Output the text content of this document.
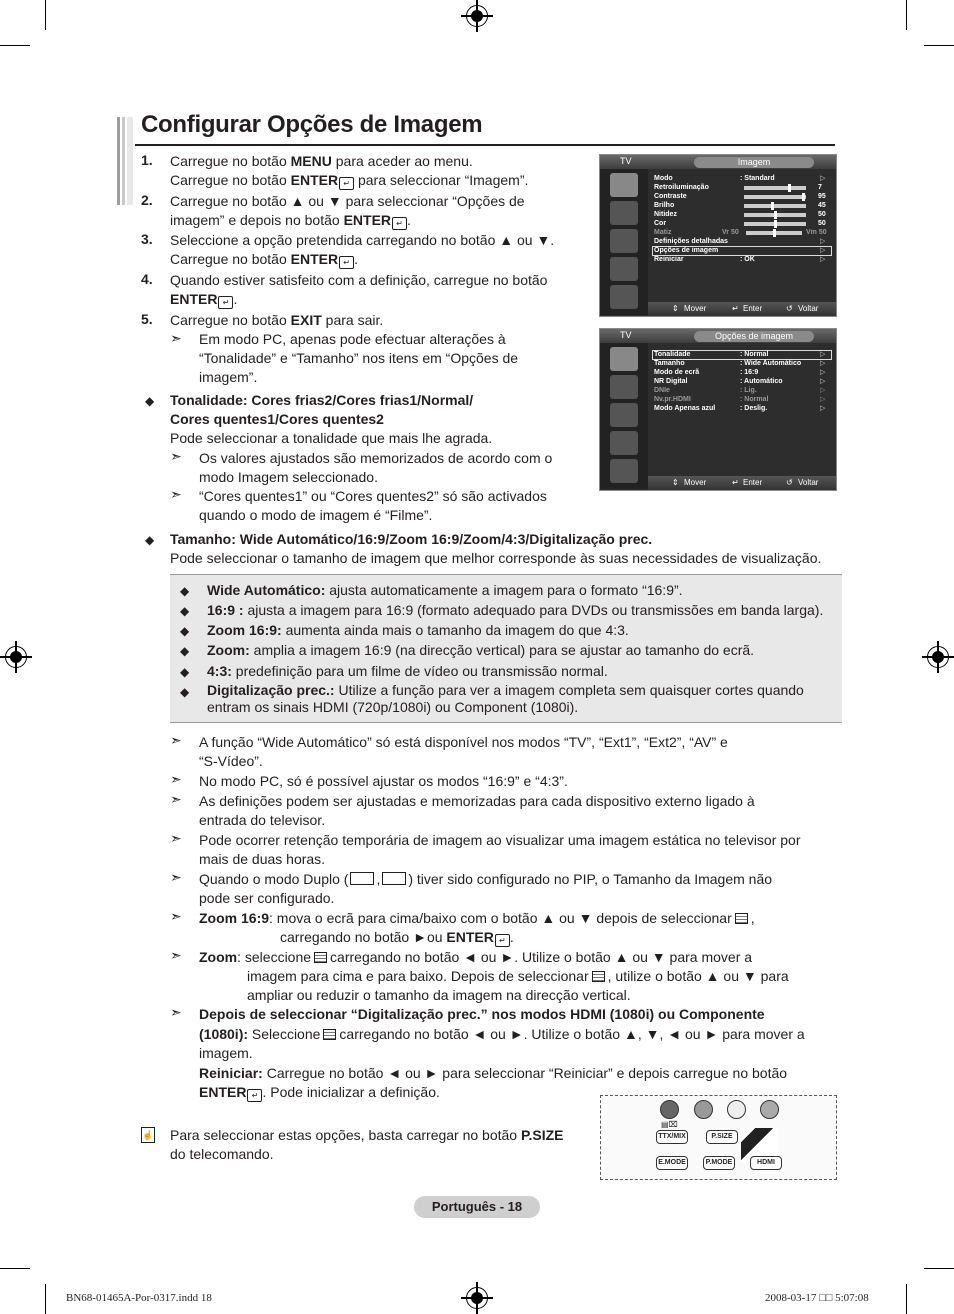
Configurar Opções de Imagem
1. Carregue no botão MENU para aceder ao menu.
Carregue no botão ENTER ↵ para seleccionar “Imagem”.
2. Carregue no botão ▲ ou ▼ para seleccionar “Opções de
imagem” e depois no botão ENTER ↵ .
3. Seleccione a opção pretendida carregando no botão ▲ ou ▼.
Carregue no botão ENTER ↵ .
4. Quando estiver satisfeito com a definição, carregue no botão
ENTER ↵ .
5. Carregue no botão EXIT para sair.
➣ Em modo PC, apenas pode efectuar alterações à
“Tonalidade” e “Tamanho” nos itens em “Opções de
imagem”.
◆ Tonalidade: Cores frias2/Cores frias1/Normal/
Cores quentes1/Cores quentes2
Pode seleccionar a tonalidade que mais lhe agrada.
➣ Os valores ajustados são memorizados de acordo com o
modo Imagem seleccionado.
➣ “Cores quentes1” ou “Cores quentes2” só são activados
quando o modo de imagem é “Filme”.
TV	Imagem
Modo	: Standard	▷
Retroiluminação	7
Contraste	95
Brilho	45
Nitidez	50
Cor	50
Matiz	Vr 50	Vm 50
Definições detalhadas	▷
Opções de imagem	▷
Reiniciar	: OK	▷
⇕ Mover	↵ Enter	↺ Voltar
TV	Opções de imagem
Tonalidade	: Normal	▷
Tamanho	: Wide Automático	▷
Modo de ecrã	: 16:9	▷
NR Digital	: Automático	▷
DNIe	: Lig.	▷
Nv.pr.HDMI	: Normal	▷
Modo Apenas azul	: Deslig.	▷
⇕ Mover	↵ Enter	↺ Voltar
◆ Tamanho: Wide Automático/16:9/Zoom 16:9/Zoom/4:3/Digitalização prec.
Pode seleccionar o tamanho de imagem que melhor corresponde às suas necessidades de visualização.
◆ Wide Automático: ajusta automaticamente a imagem para o formato “16:9”.
◆ 16:9 : ajusta a imagem para 16:9 (formato adequado para DVDs ou transmissões em banda larga).
◆ Zoom 16:9: aumenta ainda mais o tamanho da imagem do que 4:3.
◆ Zoom: amplia a imagem 16:9 (na direcção vertical) para se ajustar ao tamanho do ecrã.
◆ 4:3: predefinição para um filme de vídeo ou transmissão normal.
◆ Digitalização prec.: Utilize a função para ver a imagem completa sem quaisquer cortes quando
entram os sinais HDMI (720p/1080i) ou Component (1080i).
➣ A função “Wide Automático” só está disponível nos modos “TV”, “Ext1”, “Ext2”, “AV” e
“S-Vídeo”.
➣ No modo PC, só é possível ajustar os modos “16:9” e “4:3”.
➣ As definições podem ser ajustadas e memorizadas para cada dispositivo externo ligado à
entrada do televisor.
➣ Pode ocorrer retenção temporária de imagem ao visualizar uma imagem estática no televisor por
mais de duas horas.
➣ Quando o modo Duplo ( , ) tiver sido configurado no PIP, o Tamanho da Imagem não
pode ser configurado.
➣ Zoom 16:9: mova o ecrã para cima/baixo com o botão ▲ ou ▼ depois de seleccionar ,
carregando no botão ►ou ENTER ↵ .
➣ Zoom: seleccione carregando no botão ◄ ou ►. Utilize o botão ▲ ou ▼ para mover a
imagem para cima e para baixo. Depois de seleccionar , utilize o botão ▲ ou ▼ para
ampliar ou reduzir o tamanho da imagem na direcção vertical.
➣ Depois de seleccionar “Digitalização prec.” nos modos HDMI (1080i) ou Componente
(1080i): Seleccione carregando no botão ◄ ou ►. Utilize o botão ▲, ▼, ◄ ou ► para mover a
imagem.
Reiniciar: Carregue no botão ◄ ou ► para seleccionar “Reiniciar” e depois carregue no botão
ENTER ↵ . Pode inicializar a definição.
☝ Para seleccionar estas opções, basta carregar no botão P.SIZE
do telecomando.
▤⌧
TTX/MIX	P.SIZE
E.MODE	P.MODE	HDMI
Português - 18
BN68-01465A-Por-0317.indd 18	2008-03-17 □□ 5:07:08
